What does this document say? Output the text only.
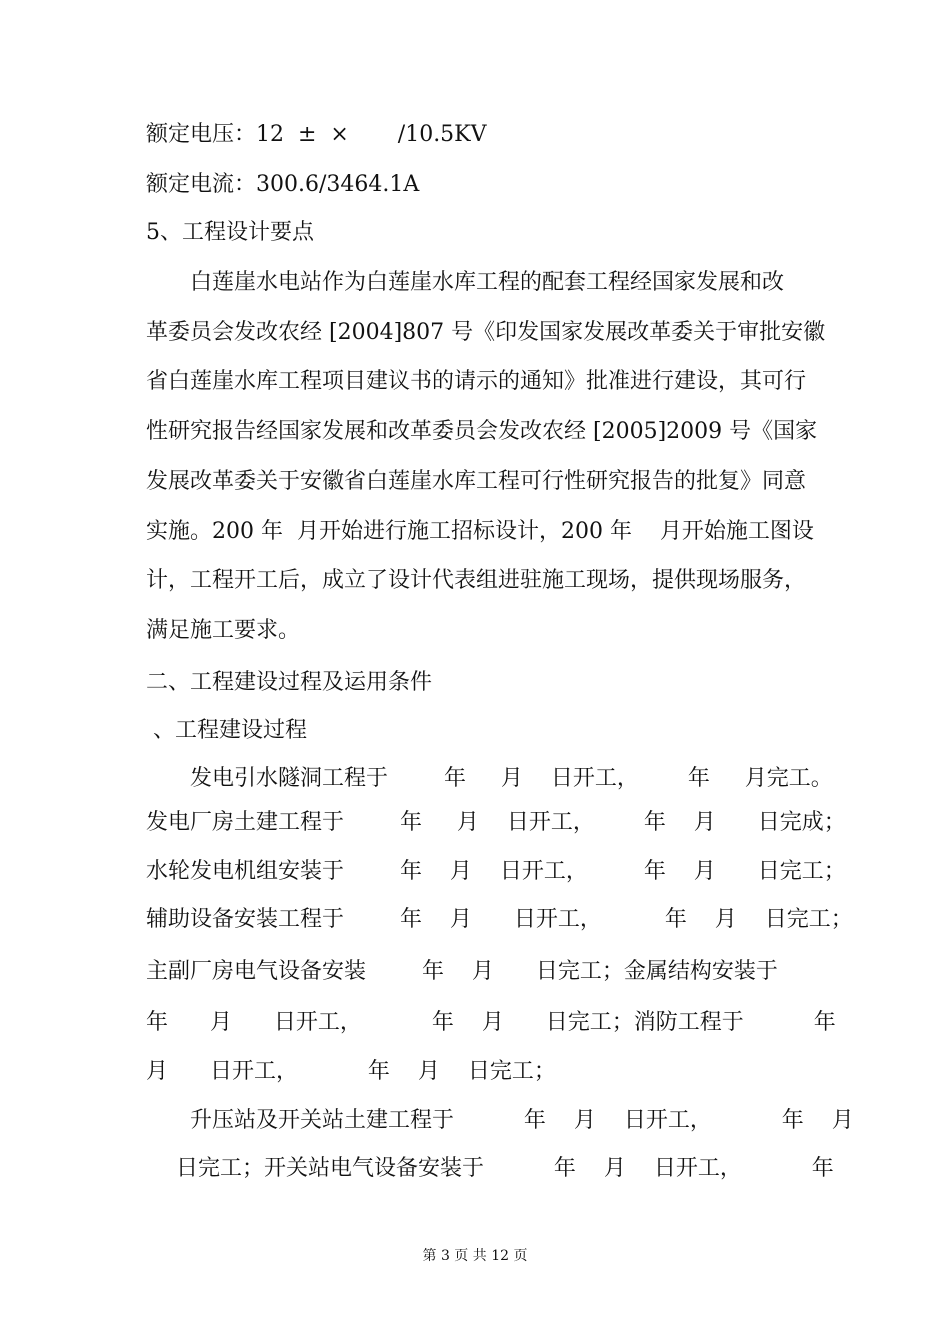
额定电压：12  ±  ×       /10.5KV
额定电流：300.6/3464.1A
5、工程设计要点
白莲崖水电站作为白莲崖水库工程的配套工程经国家发展和改
革委员会发改农经 [2004]807 号《印发国家发展改革委关于审批安徽
省白莲崖水库工程项目建议书的请示的通知》批准进行建设，其可行
性研究报告经国家发展和改革委员会发改农经 [2005]2009 号《国家
发展改革委关于安徽省白莲崖水库工程可行性研究报告的批复》同意
实施。200 年  月开始进行施工招标设计，200 年    月开始施工图设
计，工程开工后，成立了设计代表组进驻施工现场，提供现场服务，
满足施工要求。
二、工程建设过程及运用条件
、工程建设过程
发电引水隧洞工程于        年     月    日开工，       年     月完工。
发电厂房土建工程于        年     月    日开工，       年    月      日完成；
水轮发电机组安装于        年    月    日开工，        年    月      日完工；
辅助设备安装工程于        年    月      日开工，         年    月    日完工；
主副厂房电气设备安装        年    月      日完工；金属结构安装于
年      月      日开工，          年    月      日完工；消防工程于          年
月      日开工，          年    月    日完工；
升压站及开关站土建工程于          年    月    日开工，          年    月
日完工；开关站电气设备安装于          年    月    日开工，          年
第 3 页 共 12 页
